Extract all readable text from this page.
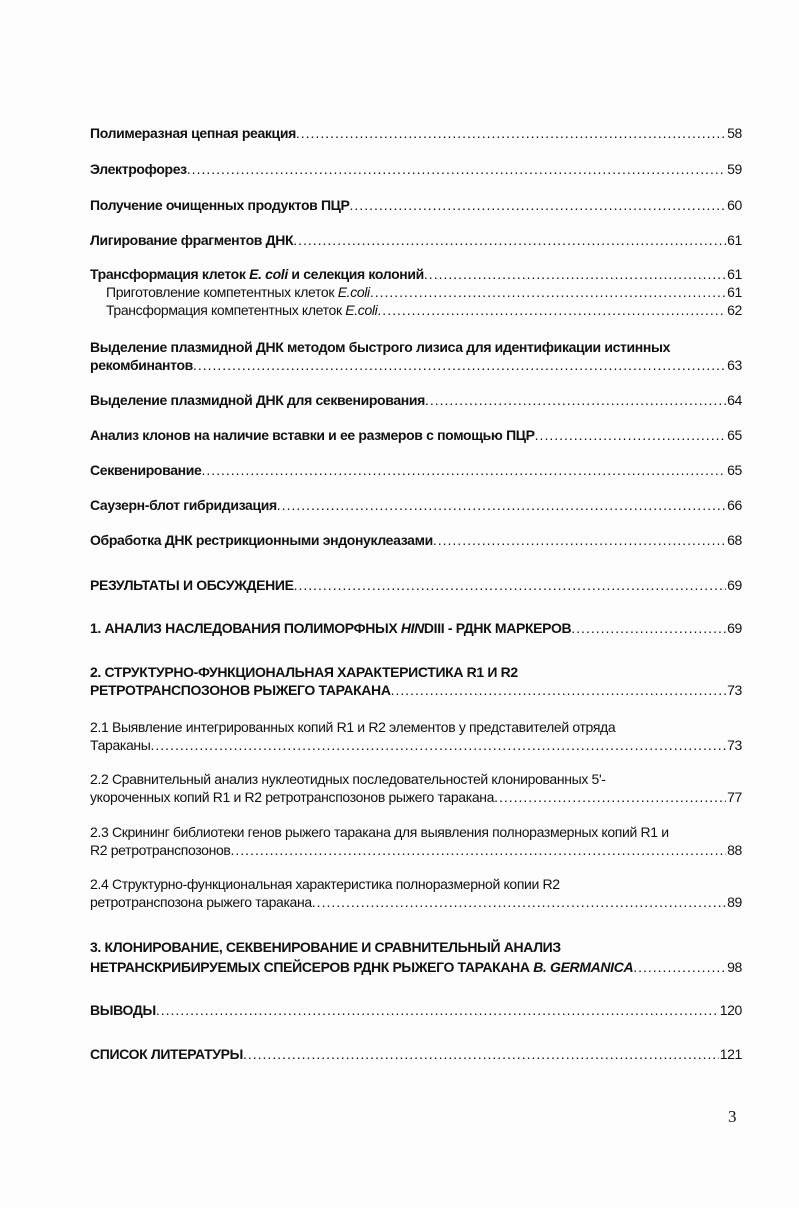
Полимеразная цепная реакция .....	58
Электрофорез .....	59
Получение очищенных продуктов ПЦР .....	60
Лигирование фрагментов ДНК .....	61
Трансформация клеток E. coli и селекция колоний .....	61
Приготовление компетентных клеток E.coli .....	61
Трансформация компетентных клеток E.coli .....	62
Выделение плазмидной ДНК методом быстрого лизиса для идентификации истинных
рекомбинантов .....	63
Выделение плазмидной ДНК для секвенирования .....	64
Анализ клонов на наличие вставки и ее размеров с помощью ПЦР .....	65
Секвенирование .....	65
Саузерн-блот гибридизация .....	66
Обработка ДНК рестрикционными эндонуклеазами .....	68
РЕЗУЛЬТАТЫ И ОБСУЖДЕНИЕ .....	69
1. АНАЛИЗ НАСЛЕДОВАНИЯ ПОЛИМОРФНЫХ HINDIII - РДНК МАРКЕРОВ .....	69
2. СТРУКТУРНО-ФУНКЦИОНАЛЬНАЯ ХАРАКТЕРИСТИКА R1 И R2
РЕТРОТРАНСПОЗОНОВ РЫЖЕГО ТАРАКАНА .....	73
2.1 Выявление интегрированных копий R1 и R2 элементов у представителей отряда
Тараканы .....	73
2.2 Сравнительный анализ нуклеотидных последовательностей клонированных 5'-
укороченных копий R1 и R2 ретротранспозонов рыжего таракана .....	77
2.3 Скрининг библиотеки генов рыжего таракана для выявления полноразмерных копий R1 и
R2 ретротранспозонов .....	88
2.4 Структурно-функциональная характеристика полноразмерной копии R2
ретротранспозона рыжего таракана .....	89
3. КЛОНИРОВАНИЕ, СЕКВЕНИРОВАНИЕ И СРАВНИТЕЛЬНЫЙ АНАЛИЗ
НЕТРАНСКРИБИРУЕМЫХ СПЕЙСЕРОВ РДНК РЫЖЕГО ТАРАКАНА B. GERMANICA .....	98
ВЫВОДЫ .....	120
СПИСОК ЛИТЕРАТУРЫ .....	121
3
